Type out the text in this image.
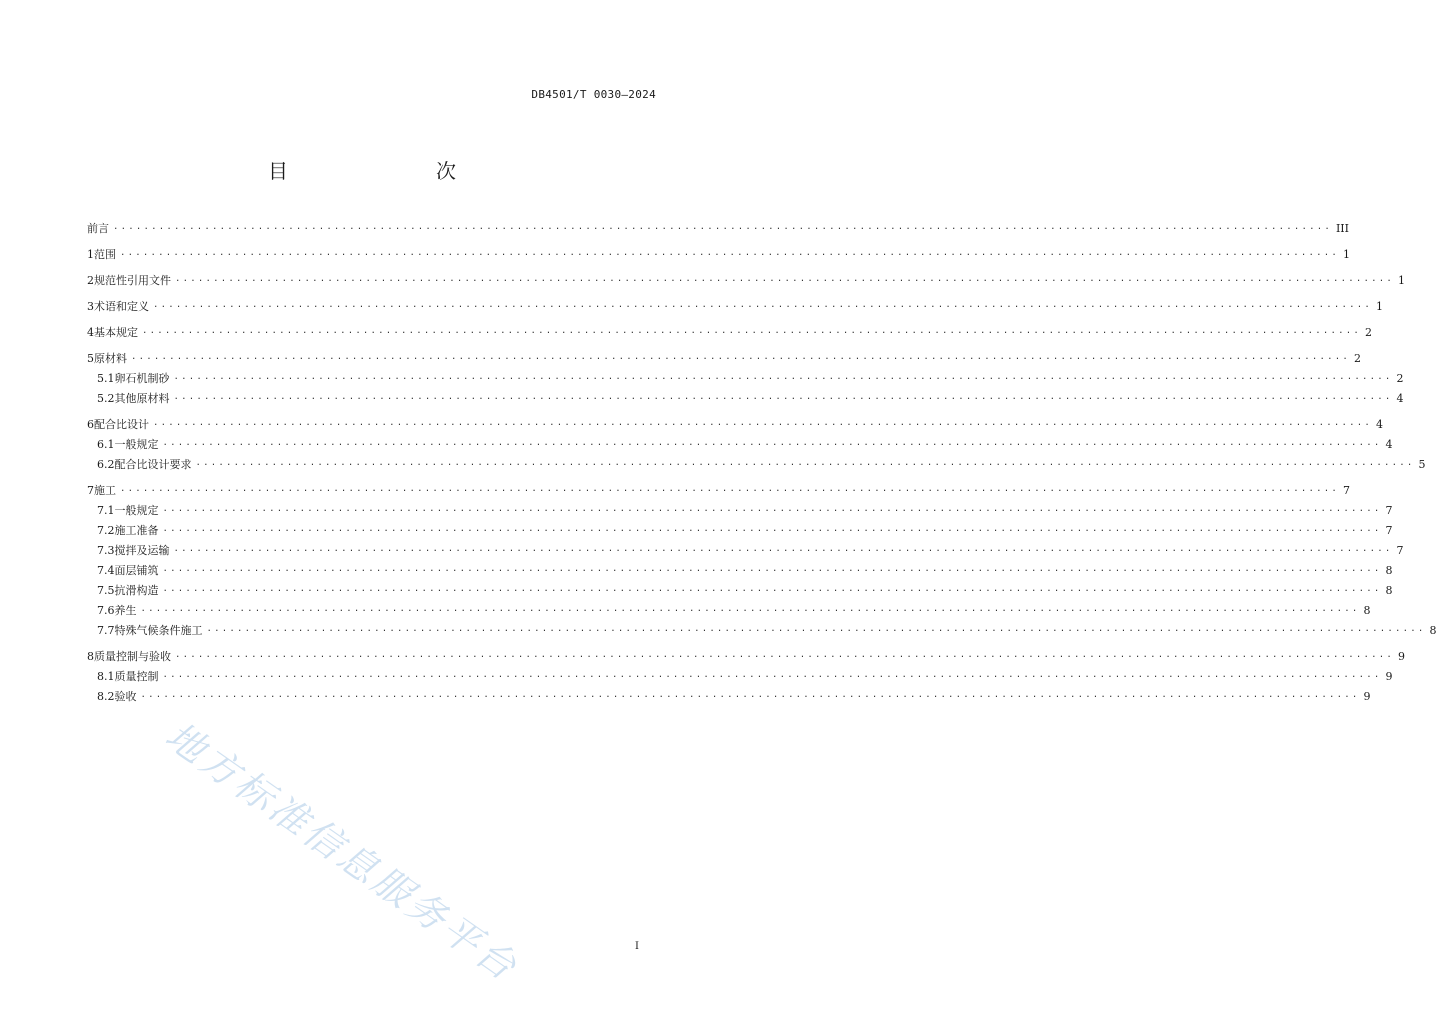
DB4501/T 0030—2024
目　　次
前言 ................................................................................................................................................................ III
1 范围 ................................................................................................................................................................ 1
2 规范性引用文件 ................................................................................................................................................................ 1
3 术语和定义 ................................................................................................................................................................ 1
4 基本规定 ................................................................................................................................................................ 2
5 原材料 ................................................................................................................................................................ 2
5.1 卵石机制砂 ................................................................................................................................................................ 2
5.2 其他原材料 ................................................................................................................................................................ 4
6 配合比设计 ................................................................................................................................................................ 4
6.1 一般规定 ................................................................................................................................................................ 4
6.2 配合比设计要求 ................................................................................................................................................................ 5
7 施工 ................................................................................................................................................................ 7
7.1 一般规定 ................................................................................................................................................................ 7
7.2 施工准备 ................................................................................................................................................................ 7
7.3 搅拌及运输 ................................................................................................................................................................ 7
7.4 面层铺筑 ................................................................................................................................................................ 8
7.5 抗滑构造 ................................................................................................................................................................ 8
7.6 养生 ................................................................................................................................................................ 8
7.7 特殊气候条件施工 ................................................................................................................................................................ 8
8 质量控制与验收 ................................................................................................................................................................ 9
8.1 质量控制 ................................................................................................................................................................ 9
8.2 验收 ................................................................................................................................................................ 9
地方标准信息服务平台	I
